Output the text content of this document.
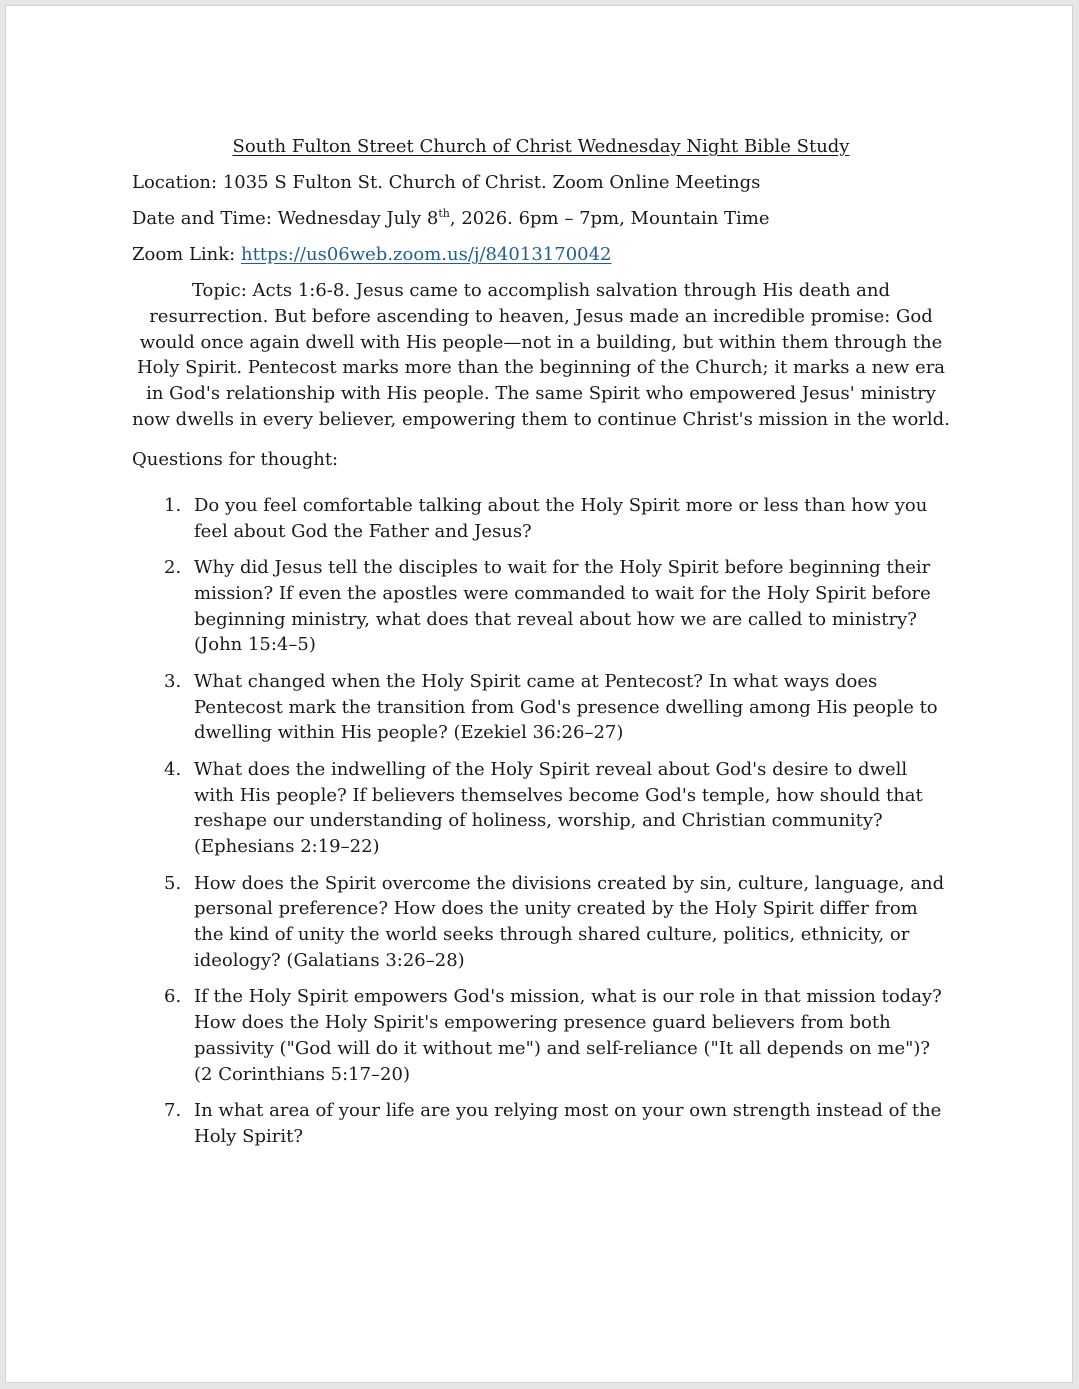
South Fulton Street Church of Christ Wednesday Night Bible Study
Location: 1035 S Fulton St. Church of Christ. Zoom Online Meetings
Date and Time: Wednesday July 8th, 2026. 6pm – 7pm, Mountain Time
Zoom Link: https://us06web.zoom.us/j/84013170042

Topic: Acts 1:6-8. Jesus came to accomplish salvation through His death and resurrection. But before ascending to heaven, Jesus made an incredible promise: God would once again dwell with His people—not in a building, but within them through the Holy Spirit. Pentecost marks more than the beginning of the Church; it marks a new era in God's relationship with His people. The same Spirit who empowered Jesus' ministry now dwells in every believer, empowering them to continue Christ's mission in the world.

Questions for thought:
1. Do you feel comfortable talking about the Holy Spirit more or less than how you feel about God the Father and Jesus?
2. Why did Jesus tell the disciples to wait for the Holy Spirit before beginning their mission? If even the apostles were commanded to wait for the Holy Spirit before beginning ministry, what does that reveal about how we are called to ministry? (John 15:4–5)
3. What changed when the Holy Spirit came at Pentecost? In what ways does Pentecost mark the transition from God's presence dwelling among His people to dwelling within His people? (Ezekiel 36:26–27)
4. What does the indwelling of the Holy Spirit reveal about God's desire to dwell with His people? If believers themselves become God's temple, how should that reshape our understanding of holiness, worship, and Christian community? (Ephesians 2:19–22)
5. How does the Spirit overcome the divisions created by sin, culture, language, and personal preference? How does the unity created by the Holy Spirit differ from the kind of unity the world seeks through shared culture, politics, ethnicity, or ideology? (Galatians 3:26–28)
6. If the Holy Spirit empowers God's mission, what is our role in that mission today? How does the Holy Spirit's empowering presence guard believers from both passivity ("God will do it without me") and self-reliance ("It all depends on me")? (2 Corinthians 5:17–20)
7. In what area of your life are you relying most on your own strength instead of the Holy Spirit?
